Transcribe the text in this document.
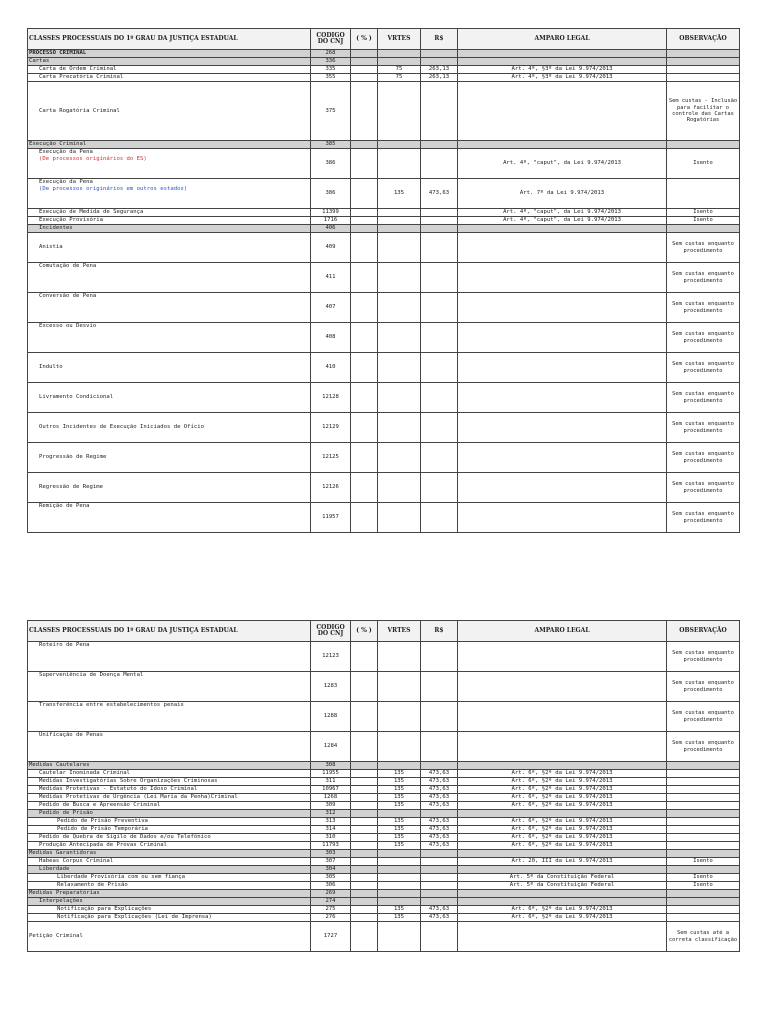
CLASSES PROCESSUAIS DO 1º GRAU DA JUSTIÇA ESTADUAL	CODIGO DO CNJ	( % )	VRTES	R$	AMPARO LEGAL	OBSERVAÇÃO

PROCESSO CRIMINAL	268					

Cartas	336					

Carta de Ordem Criminal	335		75	263,13	Art. 4º, §3º da Lei 9.974/2013	

Carta Precatória Criminal	355		75	263,13	Art. 4º, §3º da Lei 9.974/2013	

Carta Rogatória Criminal	375					Sem custas - Inclusão para facilitar o controle das Cartas Rogatórias

Execução Criminal	385					

Execução da Pena
(De processos originários do ES)	386				Art. 4º, "caput", da Lei 9.974/2013	Isento

Execução da Pena
(De processos originários em outros estados)	386		135	473,63	Art. 7º da Lei 9.974/2013	

Execução de Medida de Segurança	11399				Art. 4º, "caput", da Lei 9.974/2013	Isento

Execução Provisória	1716				Art. 4º, "caput", da Lei 9.974/2013	Isento

Incidentes	406					

Anistia	409					Sem custas enquanto procedimento

Comutação de Pena	411					Sem custas enquanto procedimento

Conversão de Pena	407					Sem custas enquanto procedimento

Excesso ou Desvio	408					Sem custas enquanto procedimento

Indulto	410					Sem custas enquanto procedimento

Livramento Condicional	12128					Sem custas enquanto procedimento

Outros Incidentes de Execução Iniciados de Ofício	12129					Sem custas enquanto procedimento

Progressão de Regime	12125					Sem custas enquanto procedimento

Regressão de Regime	12126					Sem custas enquanto procedimento

Remição de Pena	11957					Sem custas enquanto procedimento
CLASSES PROCESSUAIS DO 1º GRAU DA JUSTIÇA ESTADUAL	CODIGO DO CNJ	( % )	VRTES	R$	AMPARO LEGAL	OBSERVAÇÃO

Roteiro de Pena	12123					Sem custas enquanto procedimento

Superveniência de Doença Mental	1283					Sem custas enquanto procedimento

Transferência entre estabelecimentos penais	1288					Sem custas enquanto procedimento

Unificação de Penas	1284					Sem custas enquanto procedimento

Medidas Cautelares	308					

Cautelar Inominada Criminal	11955		135	473,63	Art. 6º, §2º da Lei 9.974/2013	

Medidas Investigatórias Sobre Organizações Criminosas	311		135	473,63	Art. 6º, §2º da Lei 9.974/2013	

Medidas Protetivas - Estatuto do Idoso Criminal	10967		135	473,63	Art. 6º, §2º da Lei 9.974/2013	

Medidas Protetivas de Urgência (Lei Maria da Penha)Criminal	1268		135	473,63	Art. 6º, §2º da Lei 9.974/2013	

Pedido de Busca e Apreensão Criminal	309		135	473,63	Art. 6º, §2º da Lei 9.974/2013	

Pedido de Prisão	312					

Pedido de Prisão Preventiva	313		135	473,63	Art. 6º, §2º da Lei 9.974/2013	

Pedido de Prisão Temporária	314		135	473,63	Art. 6º, §2º da Lei 9.974/2013	

Pedido de Quebra de Sigilo de Dados e/ou Telefônico	310		135	473,63	Art. 6º, §2º da Lei 9.974/2013	

Produção Antecipada de Provas Criminal	11793		135	473,63	Art. 6º, §2º da Lei 9.974/2013	

Medidas Garantidoras	303					

Habeas Corpus Criminal	307				Art. 20, III da Lei 9.974/2013	Isento

Liberdade	304					

Liberdade Provisória com ou sem fiança	305				Art. 5º da Constituição Federal	Isento

Relaxamento de Prisão	306				Art. 5º da Constituição Federal	Isento

Medidas Preparatórias	269					

Interpelações	274					

Notificação para Explicações	275		135	473,63	Art. 6º, §2º da Lei 9.974/2013	

Notificação para Explicações (Lei de Imprensa)	276		135	473,63	Art. 6º, §2º da Lei 9.974/2013	

Petição Criminal	1727					Sem custas até a correta classificação
